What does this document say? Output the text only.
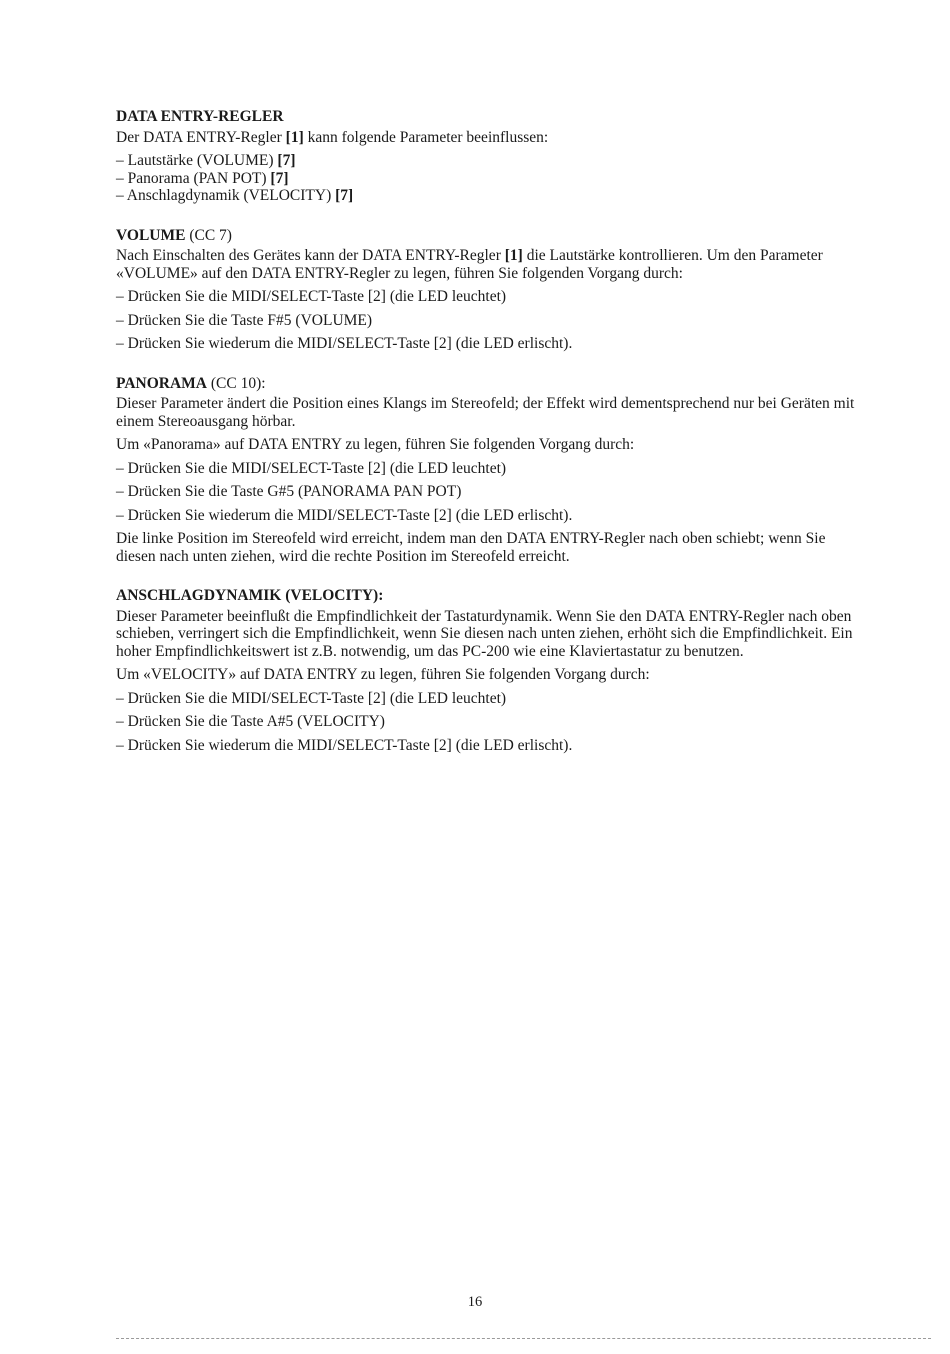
DATA ENTRY-REGLER

Der DATA ENTRY-Regler [1] kann folgende Parameter beeinflussen:

– Lautstärke (VOLUME) [7]
– Panorama (PAN POT) [7]
– Anschlagdynamik (VELOCITY) [7]
VOLUME (CC 7)

Nach Einschalten des Gerätes kann der DATA ENTRY-Regler [1] die Lautstärke kontrollieren. Um den Parameter «VOLUME» auf den DATA ENTRY-Regler zu legen, führen Sie folgenden Vorgang durch:

– Drücken Sie die MIDI/SELECT-Taste [2] (die LED leuchtet)
– Drücken Sie die Taste F#5 (VOLUME)
– Drücken Sie wiederum die MIDI/SELECT-Taste [2] (die LED erlischt).
PANORAMA (CC 10):

Dieser Parameter ändert die Position eines Klangs im Stereofeld; der Effekt wird dementsprechend nur bei Geräten mit einem Stereoausgang hörbar.

Um «Panorama» auf DATA ENTRY zu legen, führen Sie folgenden Vorgang durch:

– Drücken Sie die MIDI/SELECT-Taste [2] (die LED leuchtet)
– Drücken Sie die Taste G#5 (PANORAMA PAN POT)
– Drücken Sie wiederum die MIDI/SELECT-Taste [2] (die LED erlischt).

Die linke Position im Stereofeld wird erreicht, indem man den DATA ENTRY-Regler nach oben schiebt; wenn Sie diesen nach unten ziehen, wird die rechte Position im Stereofeld erreicht.

ANSCHLAGDYNAMIK (VELOCITY):

Dieser Parameter beeinflußt die Empfindlichkeit der Tastaturdynamik. Wenn Sie den DATA ENTRY-Regler nach oben schieben, verringert sich die Empfindlichkeit, wenn Sie diesen nach unten ziehen, erhöht sich die Empfindlichkeit. Ein hoher Empfindlichkeitswert ist z.B. notwendig, um das PC-200 wie eine Klaviertastatur zu benutzen.

Um «VELOCITY» auf DATA ENTRY zu legen, führen Sie folgenden Vorgang durch:

– Drücken Sie die MIDI/SELECT-Taste [2] (die LED leuchtet)
– Drücken Sie die Taste A#5 (VELOCITY)
– Drücken Sie wiederum die MIDI/SELECT-Taste [2] (die LED erlischt).
16
